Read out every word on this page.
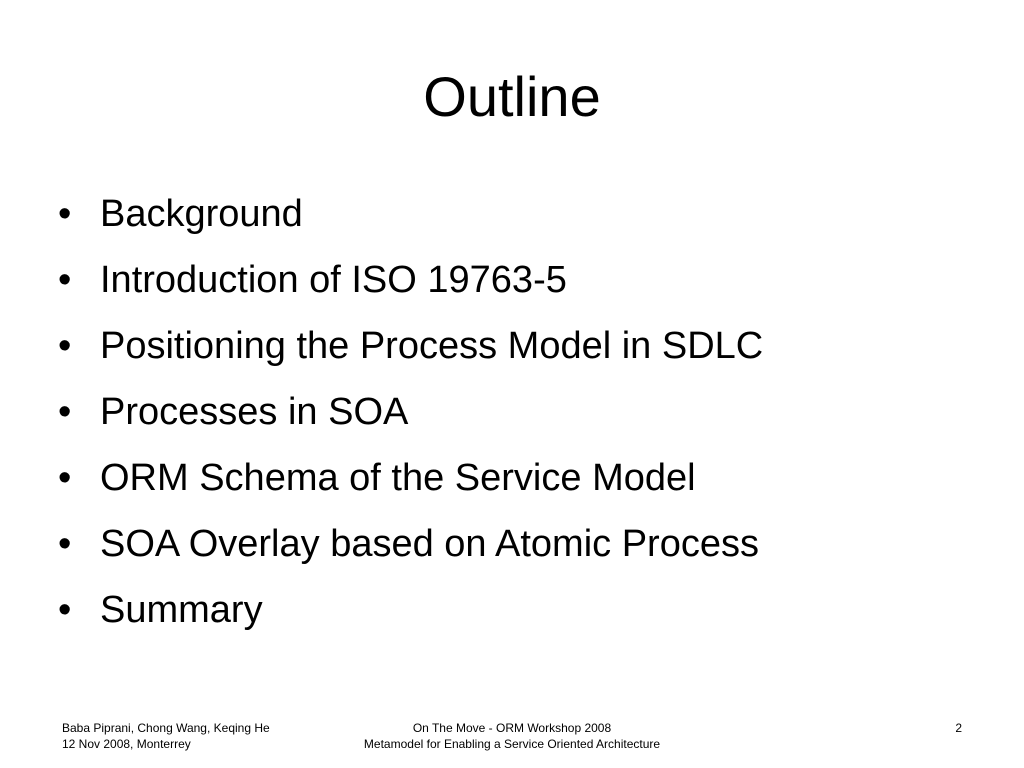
Outline
• Background
• Introduction of ISO 19763-5
• Positioning the Process Model in SDLC
• Processes in SOA
• ORM Schema of the Service Model
• SOA Overlay based on Atomic Process
• Summary
Baba Piprani, Chong Wang, Keqing He
12 Nov 2008, Monterrey
On The Move - ORM Workshop 2008
Metamodel for Enabling a Service Oriented Architecture
2
